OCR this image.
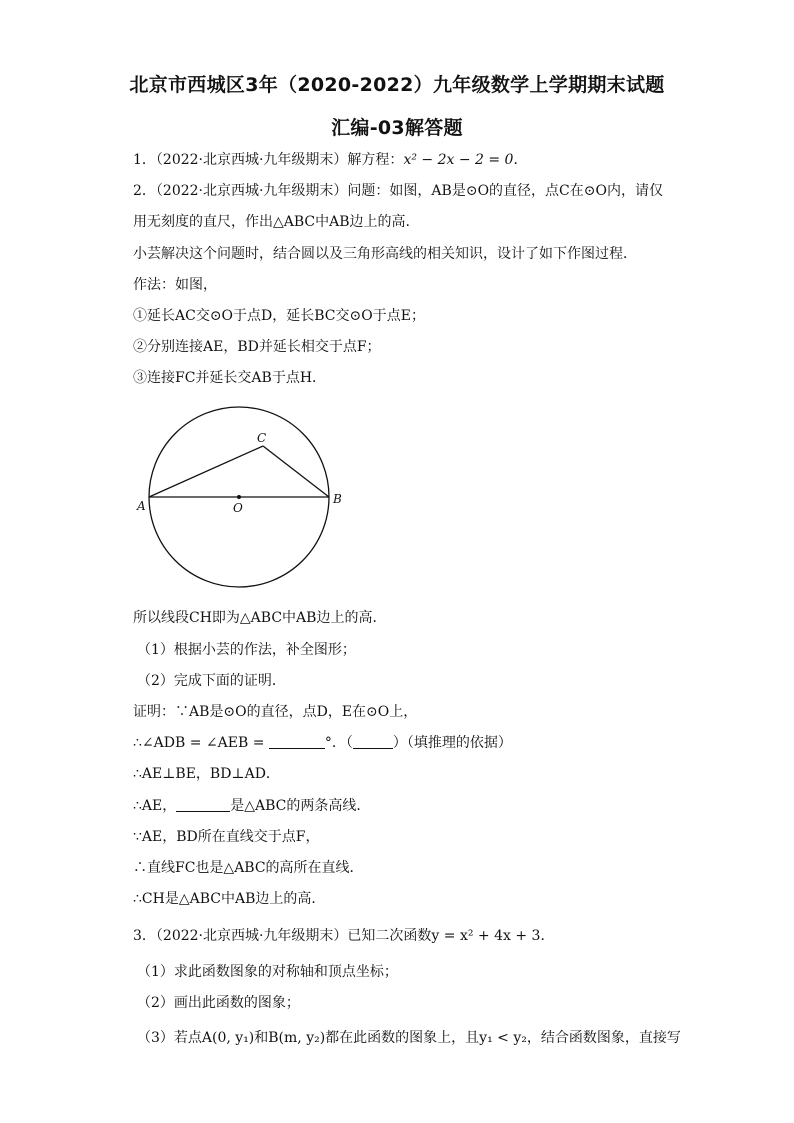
北京市西城区3年（2020-2022）九年级数学上学期期末试题
汇编-03解答题
1．（2022·北京西城·九年级期末）解方程：x² − 2x − 2 = 0．
2．（2022·北京西城·九年级期末）问题：如图，AB是⊙O的直径，点C在⊙O内，请仅
用无刻度的直尺，作出△ABC中AB边上的高.
小芸解决这个问题时，结合圆以及三角形高线的相关知识，设计了如下作图过程．
作法：如图，
①延长AC交⊙O于点D，延长BC交⊙O于点E；
②分别连接AE，BD并延长相交于点F；
③连接FC并延长交AB于点H．
A	B
C
O
所以线段CH即为△ABC中AB边上的高．
（1）根据小芸的作法，补全图形；
（2）完成下面的证明．
证明：∵AB是⊙O的直径，点D，E在⊙O上，
∴∠ADB = ∠AEB =	°．（	）（填推理的依据）
∴AE⊥BE，BD⊥AD．
∴AE，	是△ABC的两条高线．
∵AE，BD所在直线交于点F，
∴直线FC也是△ABC的高所在直线．
∴CH是△ABC中AB边上的高．
3．（2022·北京西城·九年级期末）已知二次函数y = x² + 4x + 3．
（1）求此函数图象的对称轴和顶点坐标；
（2）画出此函数的图象；
（3）若点A(0, y₁)和B(m, y₂)都在此函数的图象上，且y₁ < y₂，结合函数图象，直接写
